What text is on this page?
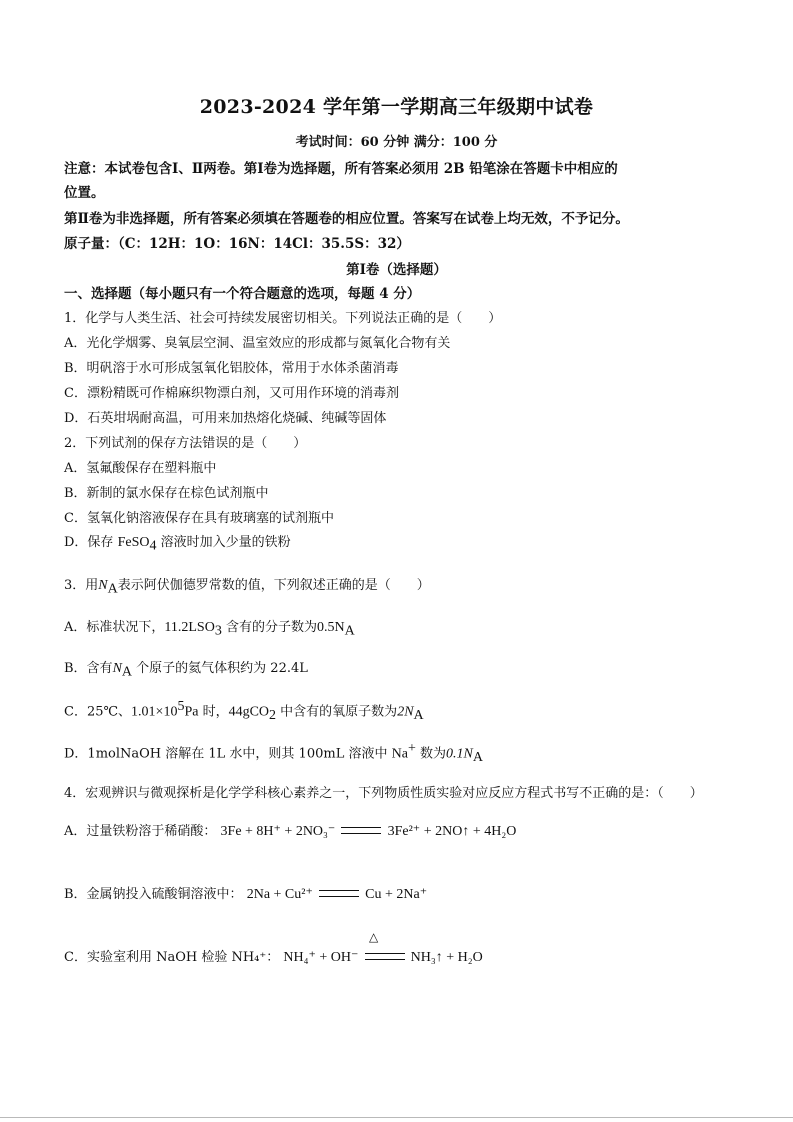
2023-2024 学年第一学期高三年级期中试卷
考试时间：60 分钟 满分：100 分
注意：本试卷包含Ⅰ、Ⅱ两卷。第Ⅰ卷为选择题，所有答案必须用 2B 铅笔涂在答题卡中相应的
位置。
第Ⅱ卷为非选择题，所有答案必须填在答题卷的相应位置。答案写在试卷上均无效，不予记分。
原子量：（C：12H：1O：16N：14Cl：35.5S：32）
第Ⅰ卷（选择题）
一、选择题（每小题只有一个符合题意的选项，每题 4 分）
1．化学与人类生活、社会可持续发展密切相关。下列说法正确的是（　　）
A．光化学烟雾、臭氧层空洞、温室效应的形成都与氮氧化合物有关
B．明矾溶于水可形成氢氧化铝胶体，常用于水体杀菌消毒
C．漂粉精既可作棉麻织物漂白剂，又可用作环境的消毒剂
D．石英坩埚耐高温，可用来加热熔化烧碱、纯碱等固体
2．下列试剂的保存方法错误的是（　　）
A．氢氟酸保存在塑料瓶中
B．新制的氯水保存在棕色试剂瓶中
C．氢氧化钠溶液保存在具有玻璃塞的试剂瓶中
D．保存 FeSO$_4$ 溶液时加入少量的铁粉
3．用$N_A$表示阿伏伽德罗常数的值，下列叙述正确的是（　　）
A．标准状况下，$11.2LSO_3$ 含有的分子数为$0.5N_A$
B．含有$N_A$ 个原子的氦气体积约为 22.4L
C．25℃、$1.01\times 10^5Pa$ 时，44gCO$_2$ 中含有的氧原子数为$2N_A$
D．1molNaOH 溶解在 1L 水中，则其 100mL 溶液中 Na+ 数为$0.1N_A$
4．宏观辨识与微观探析是化学学科核心素养之一，下列物质性质实验对应反应方程式书写不正确的是：（　　）
A．过量铁粉溶于稀硝酸： 3Fe + 8H⁺ + 2NO₃⁻	3Fe²⁺ + 2NO↑ + 4H₂O
B．金属钠投入硫酸铜溶液中： 2Na + Cu²⁺	Cu + 2Na⁺
△
C．实验室利用 NaOH 检验 NH₄⁺： NH₄⁺ + OH⁻	NH₃↑ + H₂O
